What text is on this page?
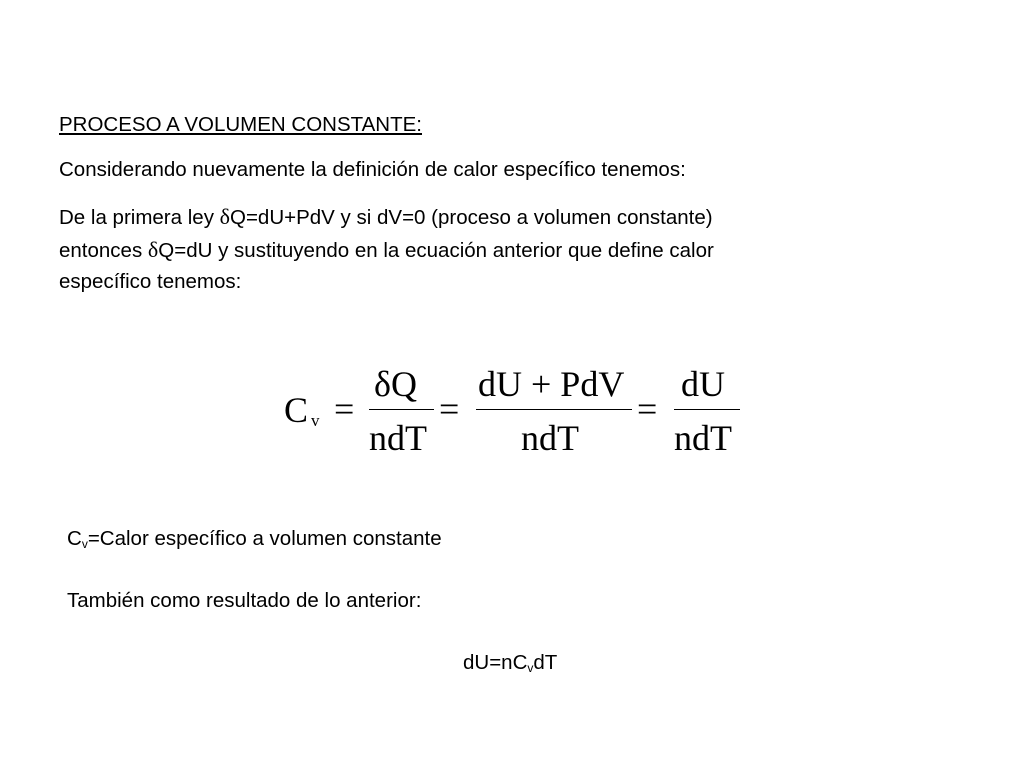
PROCESO A VOLUMEN CONSTANTE:

Considerando nuevamente la definición de calor específico tenemos:

De la primera ley δQ=dU+PdV y si dV=0 (proceso a volumen constante)
entonces δQ=dU y sustituyendo en la ecuación anterior que define calor
específico tenemos:
C v =
δQ
ndT
=
dU + PdV
ndT
=
dU
ndT

$C_v=Calor$ específico a volumen constante

También como resultado de lo anterior:

$dU=nC_vdT$
